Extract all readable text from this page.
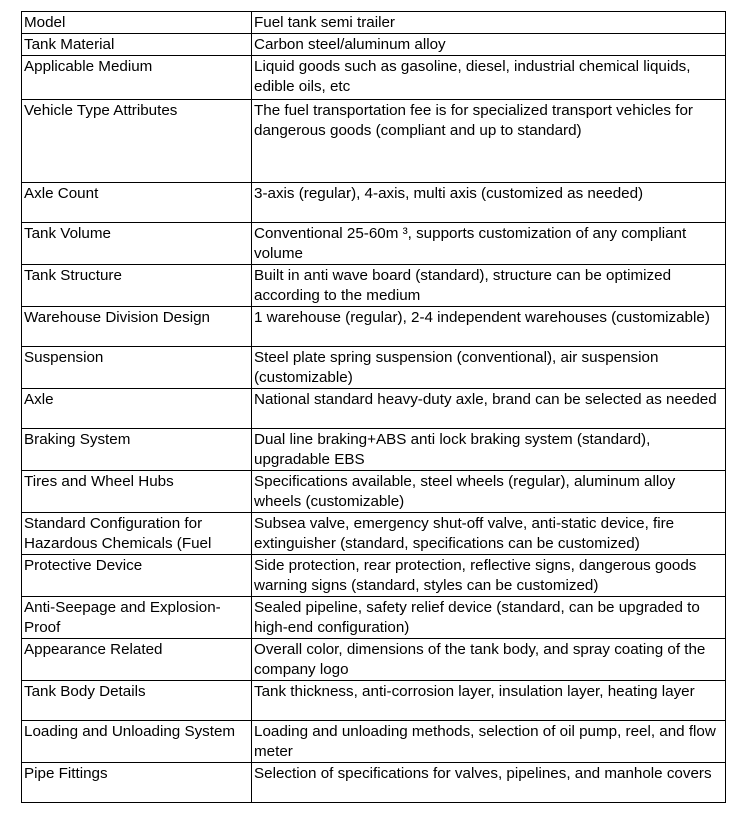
Model	Fuel tank semi trailer
Tank Material	Carbon steel/aluminum alloy
Applicable Medium	Liquid goods such as gasoline, diesel, industrial chemical liquids, edible oils, etc
Vehicle Type Attributes	The fuel transportation fee is for specialized transport vehicles for dangerous goods (compliant and up to standard)
Axle Count	3-axis (regular), 4-axis, multi axis (customized as needed)
Tank Volume	Conventional 25-60m ³, supports customization of any compliant volume
Tank Structure	Built in anti wave board (standard), structure can be optimized according to the medium
Warehouse Division Design	1 warehouse (regular), 2-4 independent warehouses (customizable)
Suspension	Steel plate spring suspension (conventional), air suspension (customizable)
Axle	National standard heavy-duty axle, brand can be selected as needed
Braking System	Dual line braking+ABS anti lock braking system (standard), upgradable EBS
Tires and Wheel Hubs	Specifications available, steel wheels (regular), aluminum alloy wheels (customizable)
Standard Configuration for Hazardous Chemicals (Fuel	Subsea valve, emergency shut-off valve, anti-static device, fire extinguisher (standard, specifications can be customized)
Protective Device	Side protection, rear protection, reflective signs, dangerous goods warning signs (standard, styles can be customized)
Anti-Seepage and Explosion-Proof	Sealed pipeline, safety relief device (standard, can be upgraded to high-end configuration)
Appearance Related	Overall color, dimensions of the tank body, and spray coating of the company logo
Tank Body Details	Tank thickness, anti-corrosion layer, insulation layer, heating layer
Loading and Unloading System	Loading and unloading methods, selection of oil pump, reel, and flow meter
Pipe Fittings	Selection of specifications for valves, pipelines, and manhole covers
